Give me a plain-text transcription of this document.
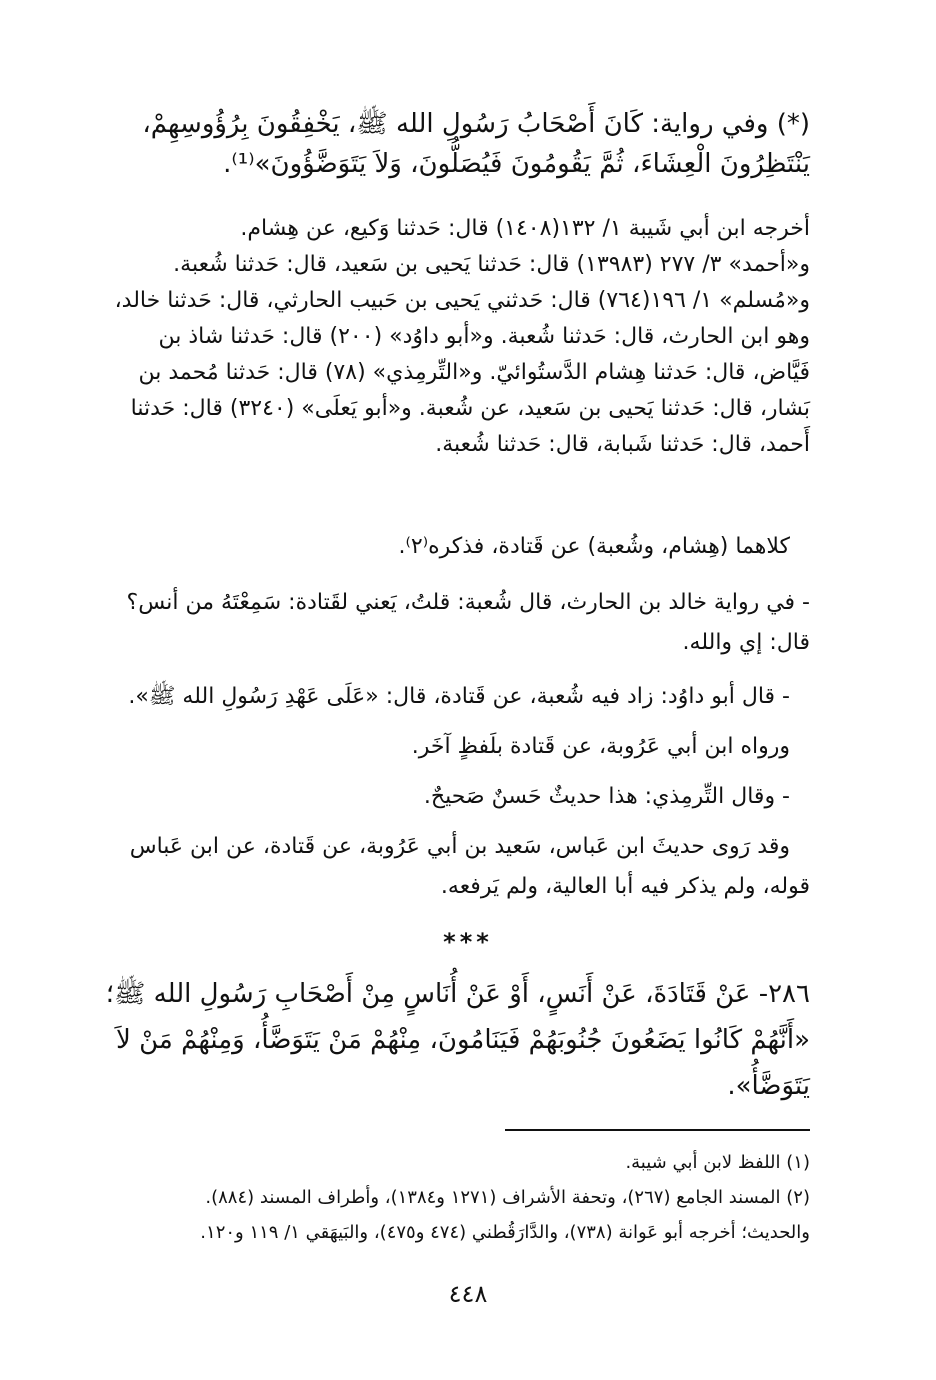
(*) وفي رواية: كَانَ أَصْحَابُ رَسُولِ الله ﷺ، يَخْفِقُونَ بِرُؤُوسِهِمْ،
يَنْتَظِرُونَ الْعِشَاءَ، ثُمَّ يَقُومُونَ فَيُصَلُّونَ، وَلاَ يَتَوَضَّؤُونَ»⁽¹⁾.
أخرجه ابن أبي شَيبة ١/ ١٣٢(١٤٠٨) قال: حَدثنا وَكيع، عن هِشام.
و«أحمد» ٣/ ٢٧٧ (١٣٩٨٣) قال: حَدثنا يَحيى بن سَعيد، قال: حَدثنا شُعبة.
و«مُسلم» ١/ ١٩٦(٧٦٤) قال: حَدثني يَحيى بن حَبيب الحارثي، قال: حَدثنا خالد،
وهو ابن الحارث، قال: حَدثنا شُعبة. و«أبو داوُد» (٢٠٠) قال: حَدثنا شاذ بن
فَيَّاض، قال: حَدثنا هِشام الدَّستُوائيّ. و«التِّرمِذي» (٧٨) قال: حَدثنا مُحمد بن
بَشار، قال: حَدثنا يَحيى بن سَعيد، عن شُعبة. و«أبو يَعلَى» (٣٢٤٠) قال: حَدثنا
أَحمد، قال: حَدثنا شَبابة، قال: حَدثنا شُعبة.
كلاهما (هِشام، وشُعبة) عن قَتادة، فذكره⁽٢⁾.
- في رواية خالد بن الحارث، قال شُعبة: قلتُ، يَعني لقَتادة: سَمِعْتَهُ من أنس؟
قال: إي والله.
- قال أبو داوُد: زاد فيه شُعبة، عن قَتادة، قال: «عَلَى عَهْدِ رَسُولِ الله ﷺ».
ورواه ابن أبي عَرُوبة، عن قَتادة بلَفظٍ آخَر.
- وقال التِّرمِذي: هذا حديثٌ حَسنٌ صَحيحٌ.
وقد رَوى حديثَ ابن عَباس، سَعيد بن أبي عَرُوبة، عن قَتادة، عن ابن عَباس
قوله، ولم يذكر فيه أبا العالية، ولم يَرفعه.
***
٢٨٦- عَنْ قَتَادَةَ، عَنْ أَنَسٍ، أَوْ عَنْ أُنَاسٍ مِنْ أَصْحَابِ رَسُولِ الله ﷺ؛
«أَنَّهُمْ كَانُوا يَضَعُونَ جُنُوبَهُمْ فَيَنَامُونَ، مِنْهُمْ مَنْ يَتَوَضَّأُ، وَمِنْهُمْ مَنْ لاَ
يَتَوَضَّأُ».
(١) اللفظ لابن أبي شيبة.
(٢) المسند الجامع (٢٦٧)، وتحفة الأشراف (١٢٧١ و١٣٨٤)، وأطراف المسند (٨٨٤).
والحديث؛ أخرجه أبو عَوانة (٧٣٨)، والدَّارَقُطني (٤٧٤ و٤٧٥)، والبَيهَقي ١/ ١١٩ و١٢٠.
٤٤٨
